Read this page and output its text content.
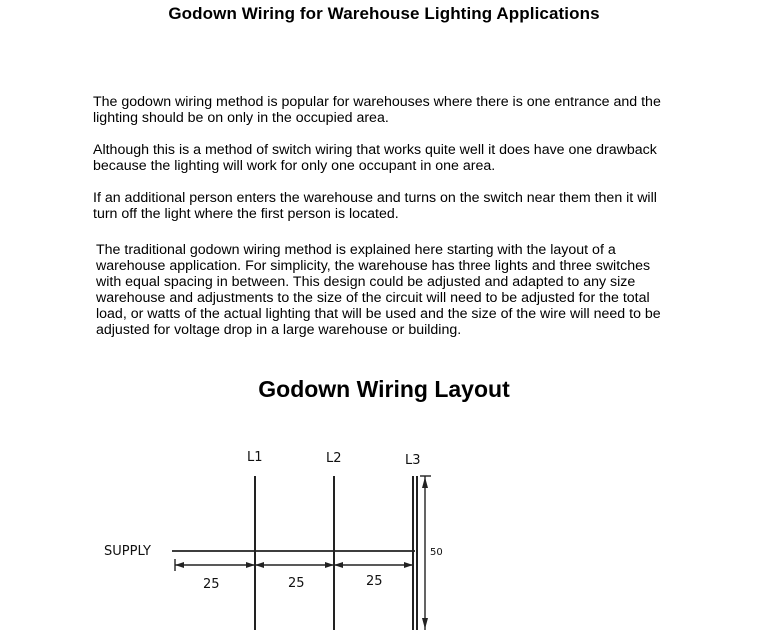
Godown Wiring for Warehouse Lighting Applications

The godown wiring method is popular for warehouses where there is one entrance and the lighting should be on only in the occupied area.

Although this is a method of switch wiring that works quite well it does have one drawback because the lighting will work for only one occupant in one area.

If an additional person enters the warehouse and turns on the switch near them then it will turn off the light where the first person is located.

The traditional godown wiring method is explained here starting with the layout of a warehouse application. For simplicity, the warehouse has three lights and three switches with equal spacing in between. This design could be adjusted and adapted to any size warehouse and adjustments to the size of the circuit will need to be adjusted for the total load, or watts of the actual lighting that will be used and the size of the wire will need to be adjusted for voltage drop in a large warehouse or building.

Godown Wiring Layout
L1	L2	L3
SUPPLY
25	25	25
50
